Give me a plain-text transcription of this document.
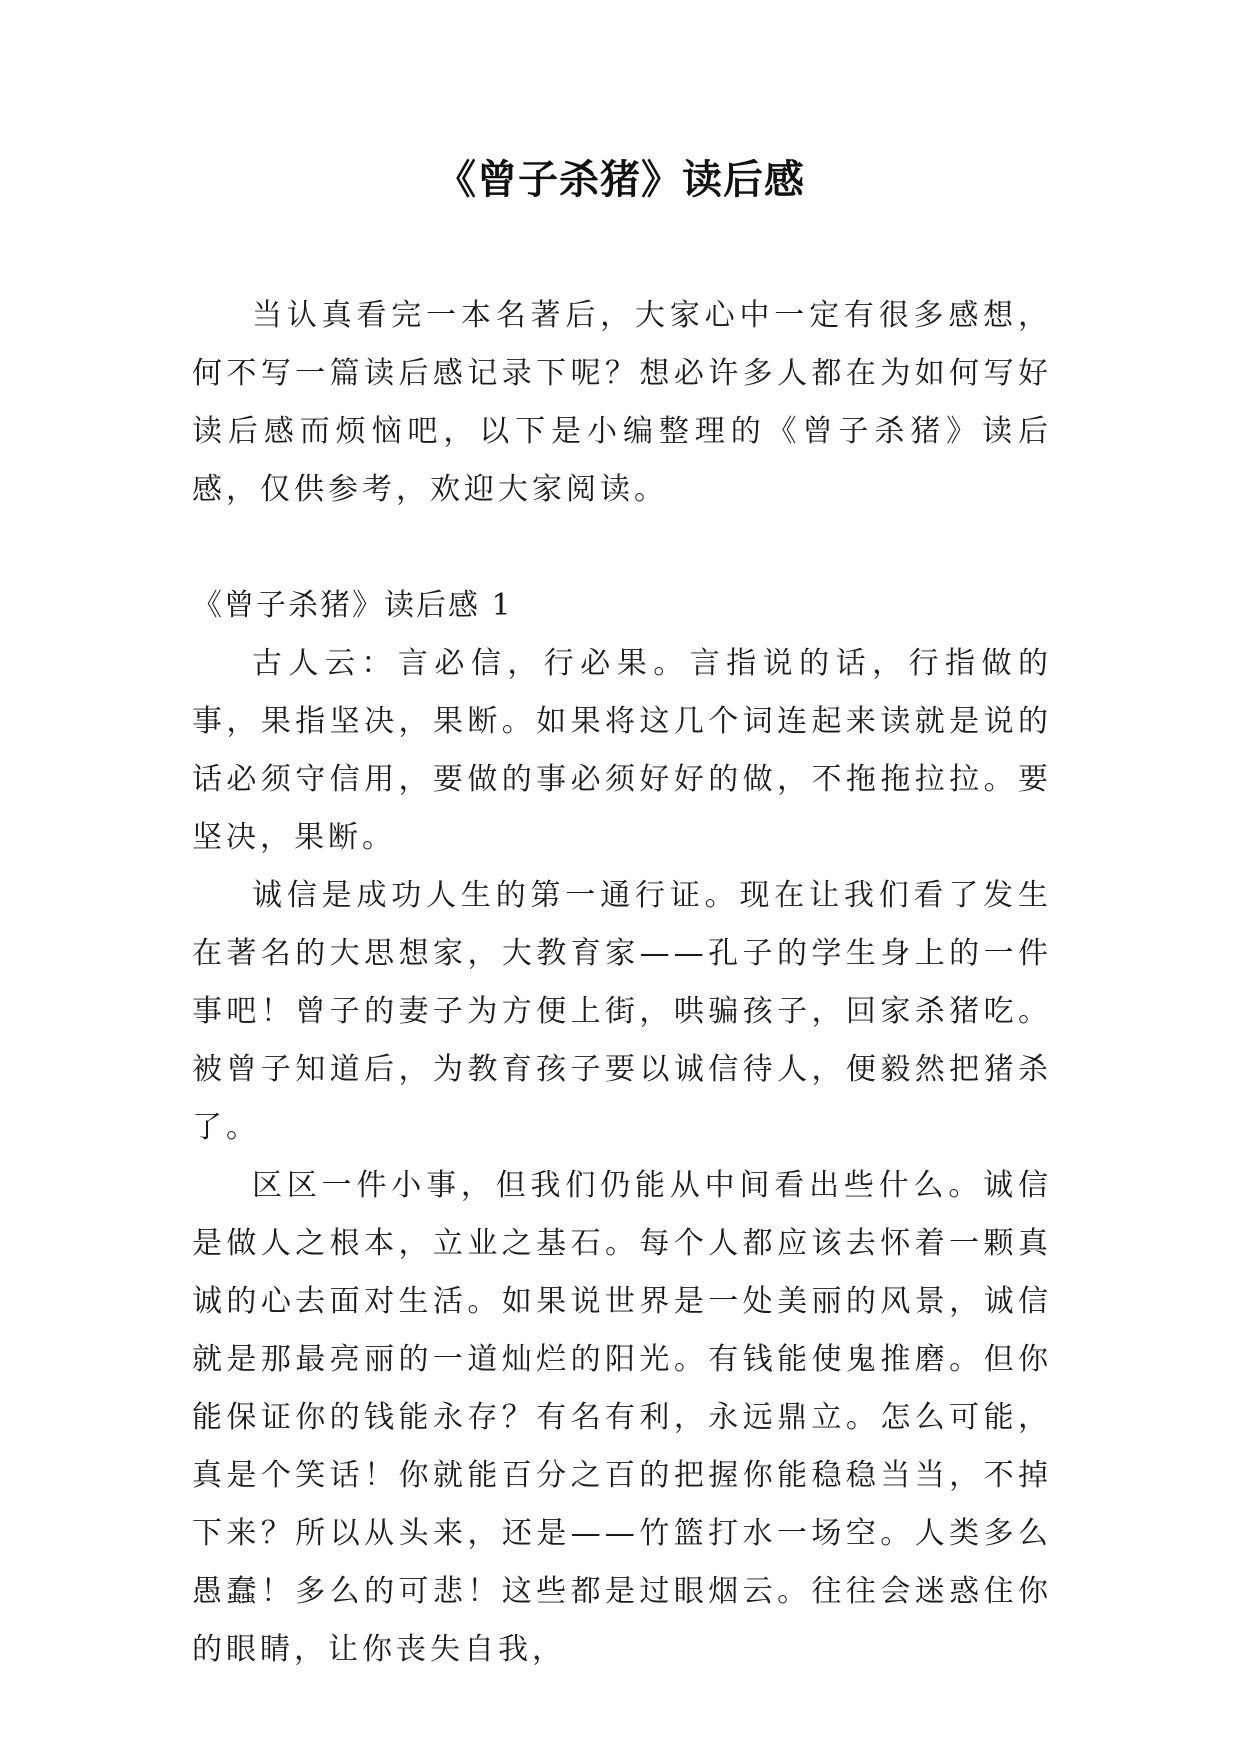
《曾子杀猪》读后感

当认真看完一本名著后，大家心中一定有很多感想，何不写一篇读后感记录下呢？想必许多人都在为如何写好读后感而烦恼吧，以下是小编整理的《曾子杀猪》读后感，仅供参考，欢迎大家阅读。

《曾子杀猪》读后感 1

古人云：言必信，行必果。言指说的话，行指做的事，果指坚决，果断。如果将这几个词连起来读就是说的话必须守信用，要做的事必须好好的做，不拖拖拉拉。要坚决，果断。

诚信是成功人生的第一通行证。现在让我们看了发生在著名的大思想家，大教育家——孔子的学生身上的一件事吧！曾子的妻子为方便上街，哄骗孩子，回家杀猪吃。被曾子知道后，为教育孩子要以诚信待人，便毅然把猪杀了。

区区一件小事，但我们仍能从中间看出些什么。诚信是做人之根本，立业之基石。每个人都应该去怀着一颗真诚的心去面对生活。如果说世界是一处美丽的风景，诚信就是那最亮丽的一道灿烂的阳光。有钱能使鬼推磨。但你能保证你的钱能永存？有名有利，永远鼎立。怎么可能，真是个笑话！你就能百分之百的把握你能稳稳当当，不掉下来？所以从头来，还是——竹篮打水一场空。人类多么愚蠢！多么的可悲！这些都是过眼烟云。往往会迷惑住你的眼睛，让你丧失自我，
